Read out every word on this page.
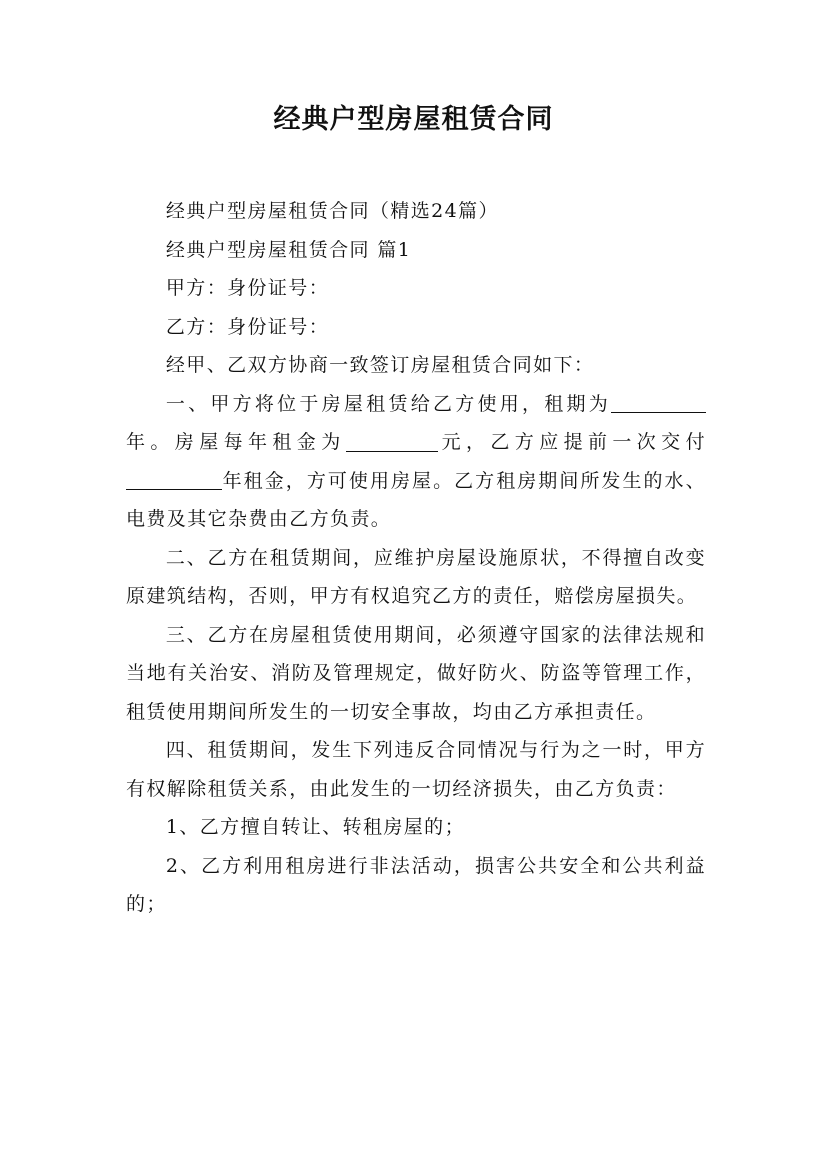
经典户型房屋租赁合同

经典户型房屋租赁合同（精选24篇）

经典户型房屋租赁合同 篇1

甲方：身份证号：

乙方：身份证号：

经甲、乙双方协商一致签订房屋租赁合同如下：

一、甲方将位于房屋租赁给乙方使用，租期为年。房屋每年租金为	元，乙方应提前一次交付年租金，方可使用房屋。乙方租房期间所发生的水、电费及其它杂费由乙方负责。

二、乙方在租赁期间，应维护房屋设施原状，不得擅自改变原建筑结构，否则，甲方有权追究乙方的责任，赔偿房屋损失。

三、乙方在房屋租赁使用期间，必须遵守国家的法律法规和当地有关治安、消防及管理规定，做好防火、防盗等管理工作，租赁使用期间所发生的一切安全事故，均由乙方承担责任。

四、租赁期间，发生下列违反合同情况与行为之一时，甲方有权解除租赁关系，由此发生的一切经济损失，由乙方负责：

1、乙方擅自转让、转租房屋的；

2、乙方利用租房进行非法活动，损害公共安全和公共利益的；
